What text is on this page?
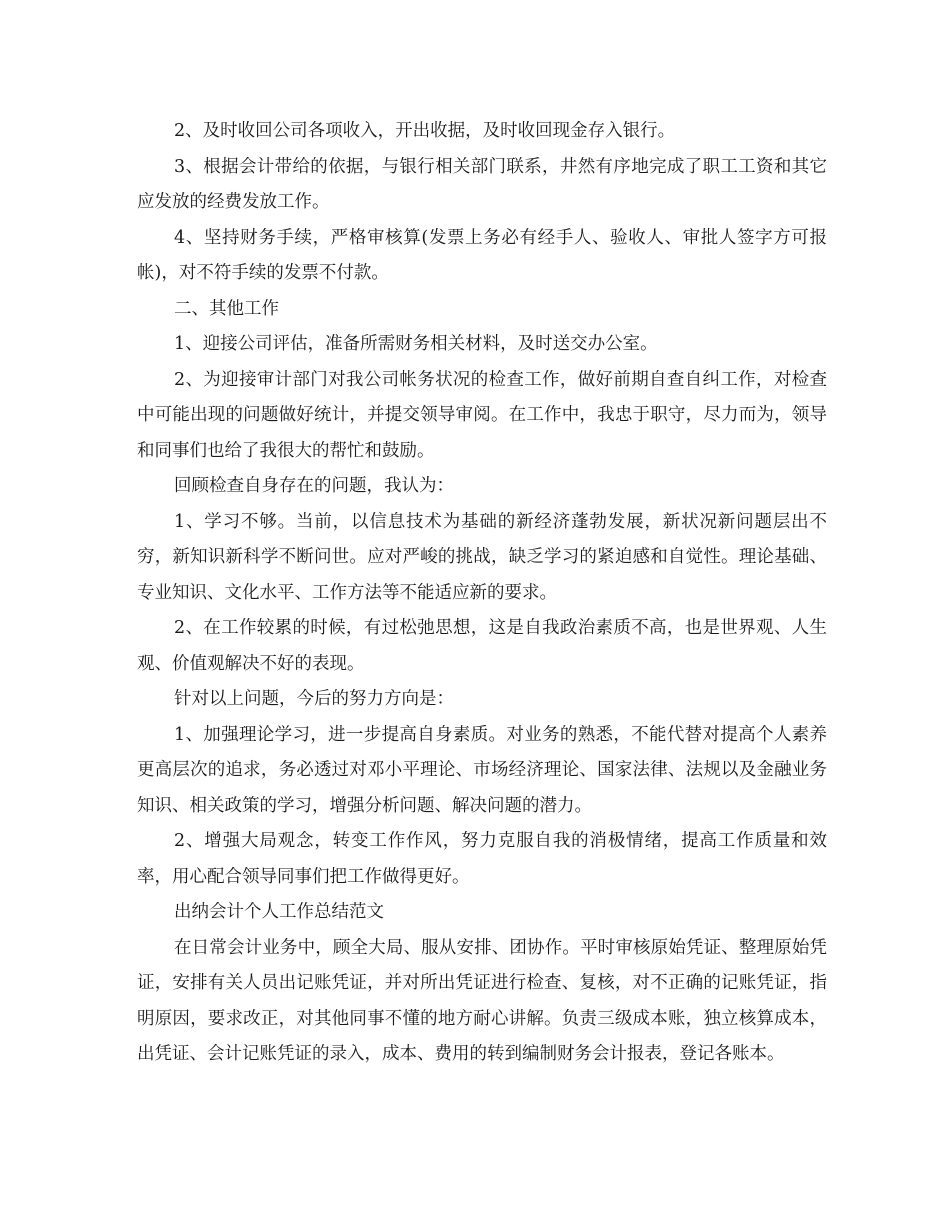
2、及时收回公司各项收入，开出收据，及时收回现金存入银行。

3、根据会计带给的依据，与银行相关部门联系，井然有序地完成了职工工资和其它应发放的经费发放工作。

4、坚持财务手续，严格审核算(发票上务必有经手人、验收人、审批人签字方可报帐)，对不符手续的发票不付款。

二、其他工作

1、迎接公司评估，准备所需财务相关材料，及时送交办公室。

2、为迎接审计部门对我公司帐务状况的检查工作，做好前期自查自纠工作，对检查中可能出现的问题做好统计，并提交领导审阅。在工作中，我忠于职守，尽力而为，领导和同事们也给了我很大的帮忙和鼓励。

回顾检查自身存在的问题，我认为：

1、学习不够。当前，以信息技术为基础的新经济蓬勃发展，新状况新问题层出不穷，新知识新科学不断问世。应对严峻的挑战，缺乏学习的紧迫感和自觉性。理论基础、专业知识、文化水平、工作方法等不能适应新的要求。

2、在工作较累的时候，有过松弛思想，这是自我政治素质不高，也是世界观、人生观、价值观解决不好的表现。

针对以上问题，今后的努力方向是：

1、加强理论学习，进一步提高自身素质。对业务的熟悉，不能代替对提高个人素养更高层次的追求，务必透过对邓小平理论、市场经济理论、国家法律、法规以及金融业务知识、相关政策的学习，增强分析问题、解决问题的潜力。

2、增强大局观念，转变工作作风，努力克服自我的消极情绪，提高工作质量和效率，用心配合领导同事们把工作做得更好。

出纳会计个人工作总结范文

在日常会计业务中，顾全大局、服从安排、团协作。平时审核原始凭证、整理原始凭证，安排有关人员出记账凭证，并对所出凭证进行检查、复核，对不正确的记账凭证，指明原因，要求改正，对其他同事不懂的地方耐心讲解。负责三级成本账，独立核算成本，出凭证、会计记账凭证的录入，成本、费用的转到编制财务会计报表，登记各账本。
